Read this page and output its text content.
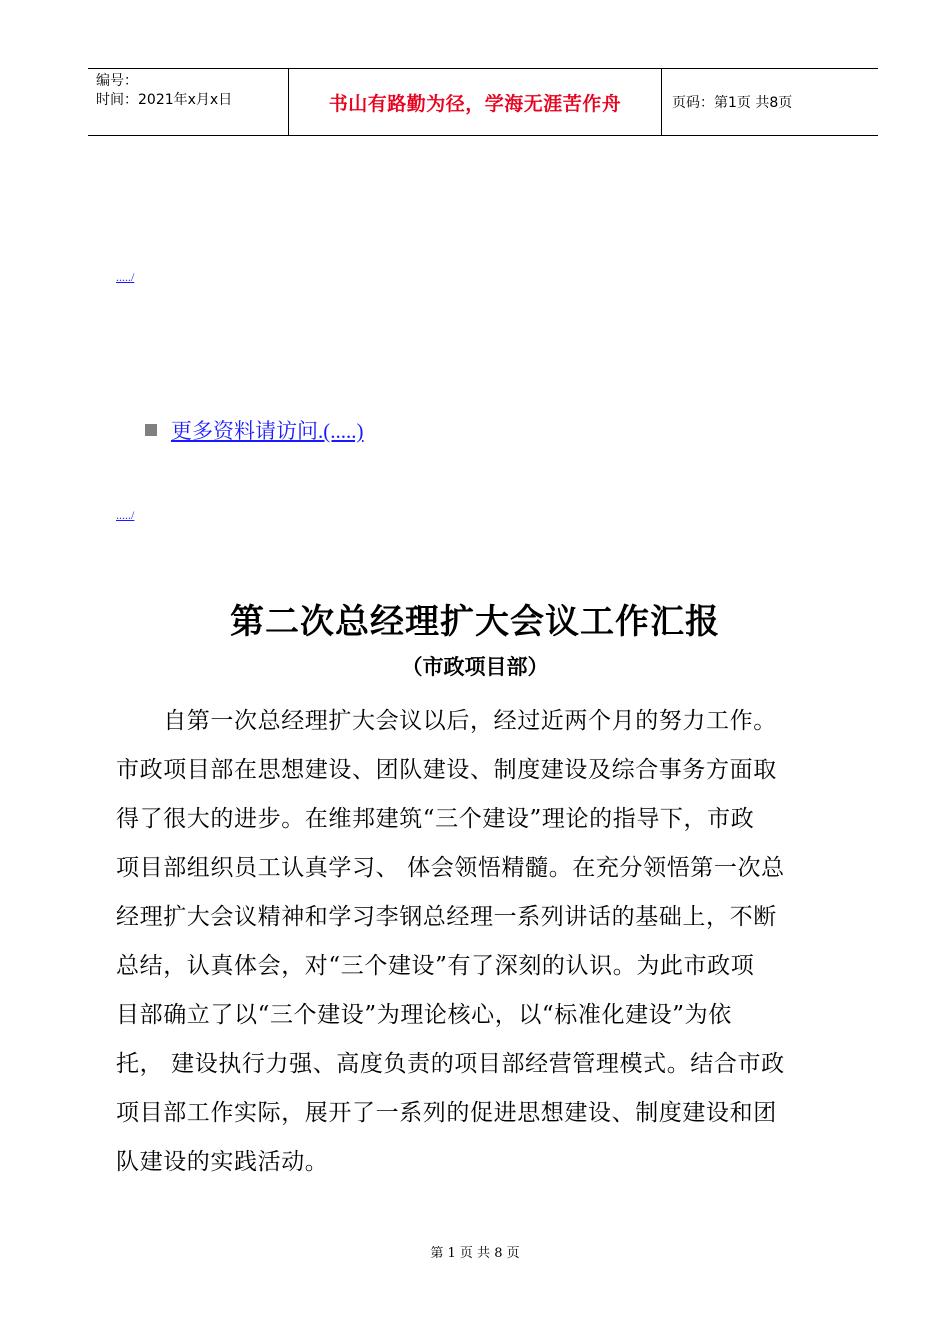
编号：
时间：2021年x月x日	书山有路勤为径，学海无涯苦作舟	页码：第1页 共8页
...../
更多资料请访问.(.....)
...../
第二次总经理扩大会议工作汇报
（市政项目部）
　　自第一次总经理扩大会议以后，经过近两个月的努力工作。
市政项目部在思想建设、团队建设、制度建设及综合事务方面取
得了很大的进步。在维邦建筑“三个建设”理论的指导下，市政
项目部组织员工认真学习、 体会领悟精髓。在充分领悟第一次总
经理扩大会议精神和学习李钢总经理一系列讲话的基础上，不断
总结，认真体会，对“三个建设”有了深刻的认识。为此市政项
目部确立了以“三个建设”为理论核心，以“标准化建设”为依
托， 建设执行力强、高度负责的项目部经营管理模式。结合市政
项目部工作实际，展开了一系列的促进思想建设、制度建设和团
队建设的实践活动。
第 1 页 共 8 页
